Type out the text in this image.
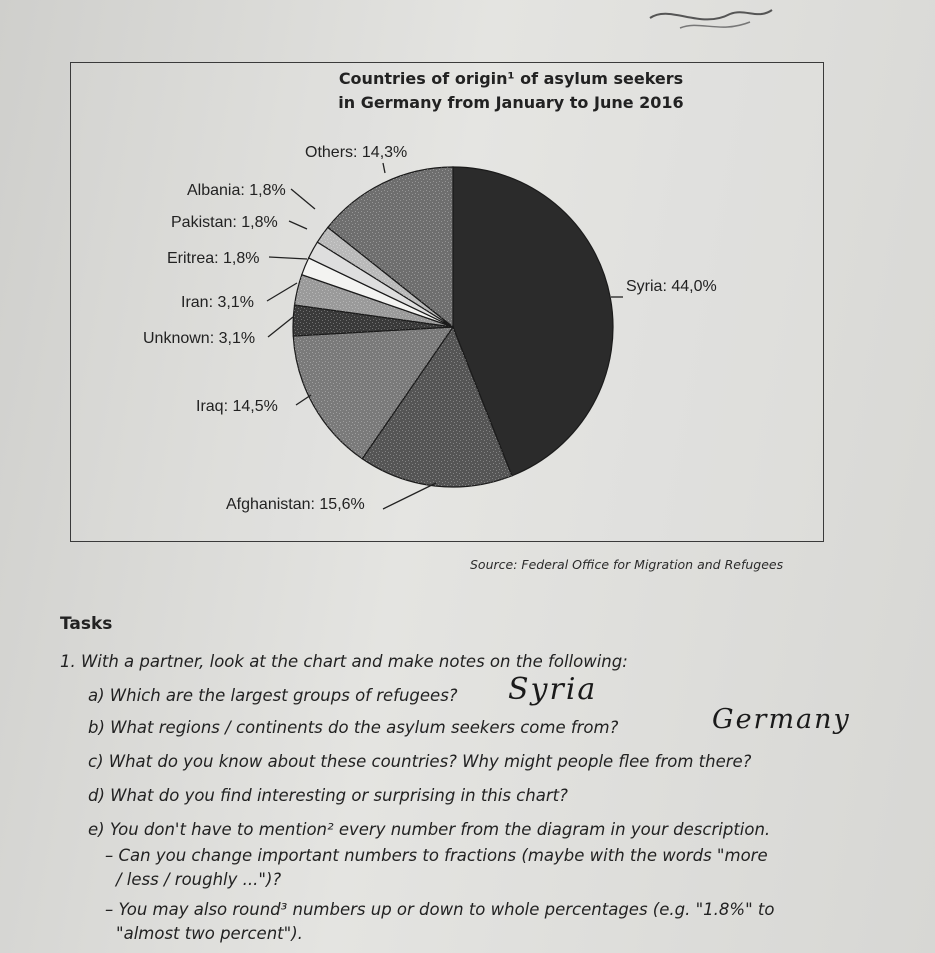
Countries of origin¹ of asylum seekers
in Germany from January to June 2016
Syria: 44,0%
Afghanistan: 15,6%
Iraq: 14,5%
Unknown: 3,1%
Iran: 3,1%
Eritrea: 1,8%
Pakistan: 1,8%
Albania: 1,8%
Others: 14,3%
Source: Federal Office for Migration and Refugees
Tasks
1. With a partner, look at the chart and make notes on the following:
a) Which are the largest groups of refugees? Syria
b) What regions / continents do the asylum seekers come from?	Germany
c) What do you know about these countries? Why might people flee from there?
d) What do you find interesting or surprising in this chart?
e) You don't have to mention² every number from the diagram in your description.
– Can you change important numbers to fractions (maybe with the words "more
/ less / roughly ...")?
– You may also round³ numbers up or down to whole percentages (e.g. "1.8%" to
"almost two percent").
